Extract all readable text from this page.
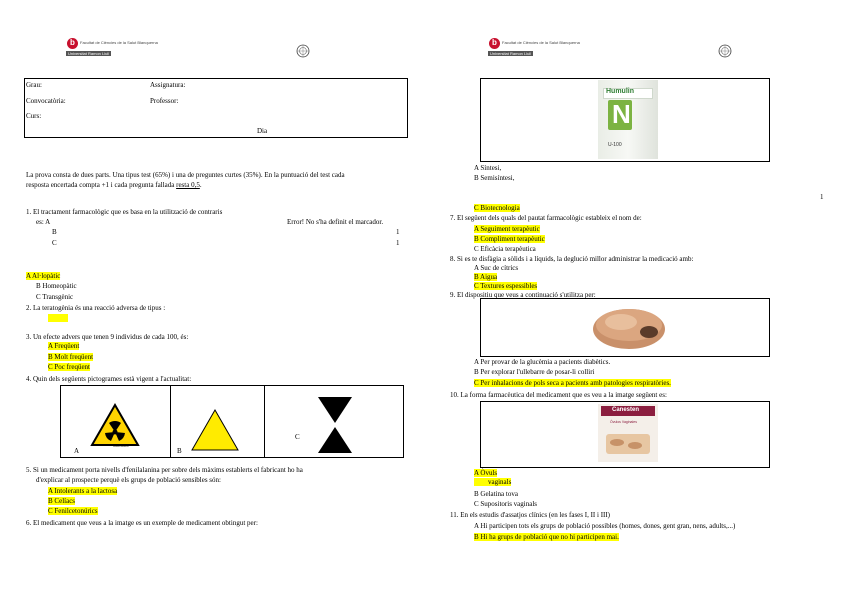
b Facultat de Ciències de la Salut Blanquerna
Universitat Ramon Llull
Grau:	Assignatura:
Convocatòria:	Professor:
Curs:
Dia
La prova consta de dues parts. Una tipus test (65%) i una de preguntes curtes (35%). En la puntuació del test cada
resposta encertada compta +1 i cada pregunta fallada resta 0,5.
1. El tractament farmacològic que es basa en la utilització de contraris
es: A	Error! No s'ha definit el marcador.
B	1
C	1
A Al·lopàtic
B Homeopàtic
C Transgènic
2. La teratogènia és una reacció adversa de tipus :
3. Un efecte advers que tenen 9 individus de cada 100, és:
A Freqüent
B Molt freqüent
C Poc freqüent
4. Quin dels següents pictogrames està vigent a l'actualitat:
A	Producto radiactivo	B
C
5. Si un medicament porta nivells d'fenilalanina per sobre dels màxims establerts el fabricant ho ha
d'explicar al prospecte perquè els grups de població sensibles són:
A Intolerants a la lactosa
B Celíacs
C Fenilcetonúrics
6. El medicament que veus a la imatge es un exemple de medicament obtingut per:
b Facultat de Ciències de la Salut Blanquerna
Universitat Ramon Llull
Humulin
N
U-100
A Síntesi,
B Semisíntesi,
1
C Biotecnologia
7. El següent dels quals del pautat farmacològic estableix el nom de:
A Seguiment terapèutic
B Compliment terapèutic
C Eficàcia terapèutica
8. Si es te disfàgia a sòlids i a líquids, la deglució millor administrar la medicació amb:
A Suc de cítrics
B Aigua
C Textures espessibles
9. El dispositiu que veus a continuació s'utilitza per:
A Per provar de la glucèmia a pacients diabètics.
B Per explorar l'ullebarre de posar-li colliri
C Per inhalacions de pols seca a pacients amb patologies respiratòries.
10. La forma farmacèutica del medicament que es veu a la imatge següent es:
Canesten
Óvulos Vaginales
A Òvuls
vaginals
B Gelatina tova
C Supositoris vaginals
11. En els estudis d'assatjos clínics (en les fases I, II i III)
A Hi participen tots els grups de població possibles (homes, dones, gent gran, nens, adults,...)
B Hi ha grups de població que no hi participen mai.
